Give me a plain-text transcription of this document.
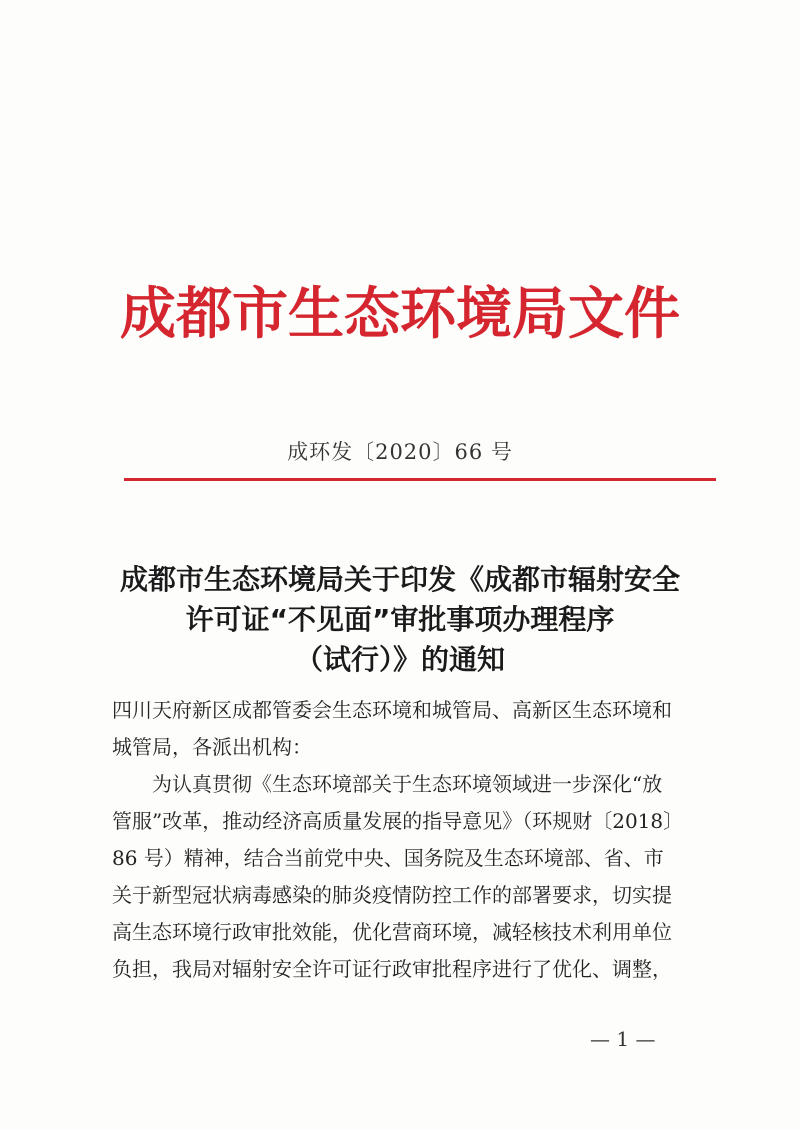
成都市生态环境局文件
成环发〔2020〕66 号
成都市生态环境局关于印发《成都市辐射安全
许可证“不见面”审批事项办理程序
（试行）》的通知
四川天府新区成都管委会生态环境和城管局、高新区生态环境和
城管局，各派出机构：
为认真贯彻《生态环境部关于生态环境领域进一步深化“放
管服”改革，推动经济高质量发展的指导意见》（环规财〔2018〕
86 号）精神，结合当前党中央、国务院及生态环境部、省、市
关于新型冠状病毒感染的肺炎疫情防控工作的部署要求，切实提
高生态环境行政审批效能，优化营商环境，减轻核技术利用单位
负担，我局对辐射安全许可证行政审批程序进行了优化、调整，
— 1 —
